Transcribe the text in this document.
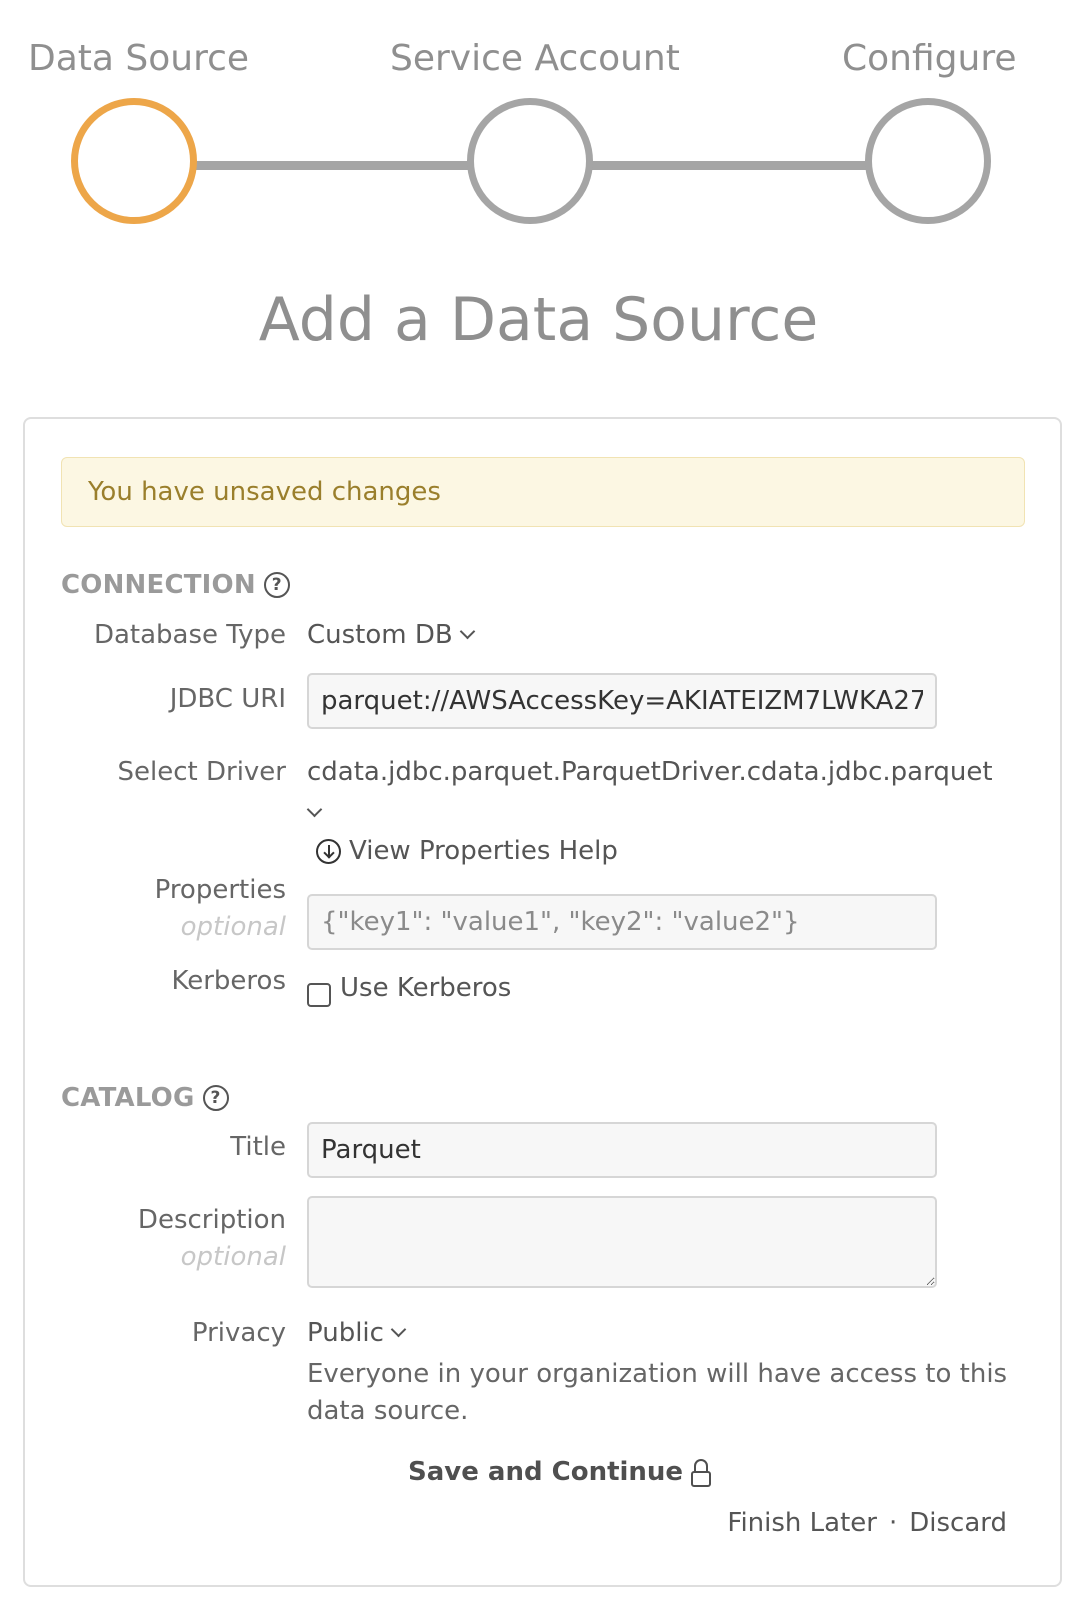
Data Source	Service Account	Configure
Add a Data Source
You have unsaved changes
CONNECTION ?
Database Type Custom DB
JDBC URI
parquet://AWSAccessKey=AKIATEIZM7LWKA27
Select Driver cdata.jdbc.parquet.ParquetDriver.cdata.jdbc.parquet
View Properties Help
Properties
optional
{"key1": "value1", "key2": "value2"}
Kerberos Use Kerberos
CATALOG ?
Title
Parquet
Description
optional
Privacy Public
Everyone in your organization will have access to this data source.
Save and Continue
Finish Later · Discard
